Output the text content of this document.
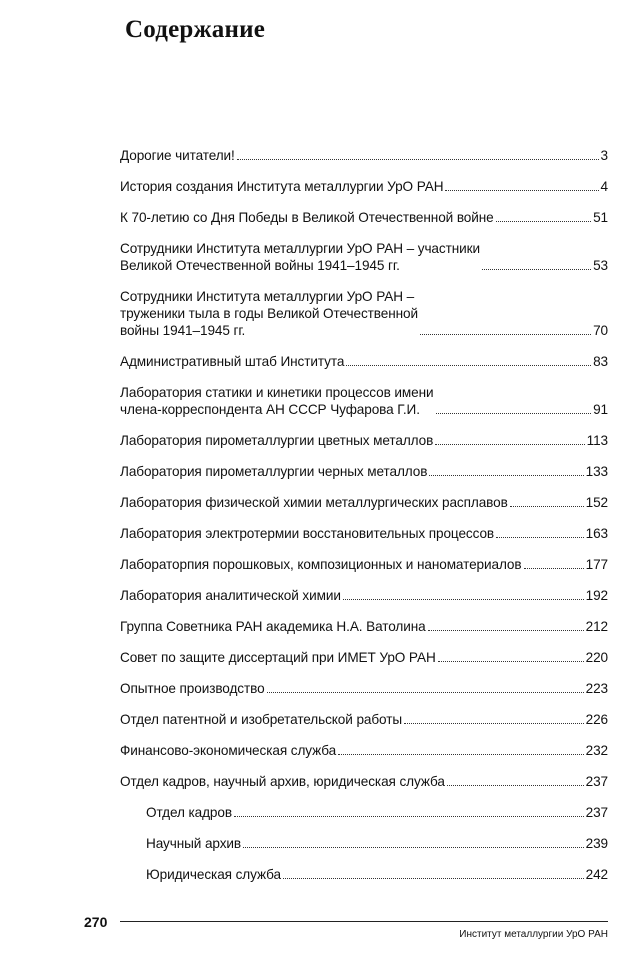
Содержание
Дорогие читатели!	3
История создания Института металлургии УрО РАН	4
К 70-летию со Дня Победы в Великой Отечественной войне	51
Сотрудники Института металлургии УрО РАН – участники
Великой Отечественной войны 1941–1945 гг.	53
Сотрудники Института металлургии УрО РАН –
труженики тыла в годы Великой Отечественной
войны 1941–1945 гг.	70
Административный штаб Института	83
Лаборатория статики и кинетики процессов имени
члена-корреспондента АН СССР Чуфарова Г.И.	91
Лаборатория пирометаллургии цветных металлов	113
Лаборатория пирометаллургии черных металлов	133
Лаборатория физической химии металлургических расплавов	152
Лаборатория электротермии восстановительных процессов	163
Лабораторпия порошковых, композиционных и наноматериалов	177
Лаборатория аналитической химии	192
Группа Советника РАН академика Н.А. Ватолина	212
Совет по защите диссертаций при ИМЕТ УрО РАН	220
Опытное производство	223
Отдел патентной и изобретательской работы	226
Финансово-экономическая служба	232
Отдел кадров, научный архив, юридическая служба	237
Отдел кадров	237
Научный архив	239
Юридическая служба	242
270
Институт металлургии УрО РАН
